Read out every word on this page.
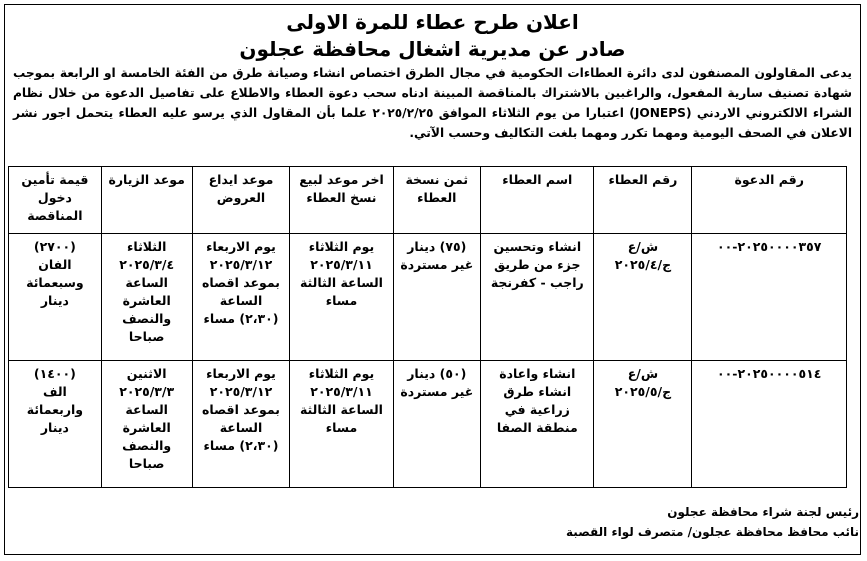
اعلان طرح عطاء للمرة الاولى
صادر عن مديرية اشغال محافظة عجلون

يدعى المقاولون المصنفون لدى دائرة العطاءات الحكومية في مجال الطرق اختصاص انشاء وصيانة طرق من الفئة الخامسة او الرابعة بموجب شهادة تصنيف سارية المفعول، والراغبين بالاشتراك بالمناقصة المبينة ادناه سحب دعوة العطاء والاطلاع على تفاصيل الدعوة من خلال نظام الشراء الالكتروني الاردني (JONEPS) اعتبارا من يوم الثلاثاء الموافق ٢٠٢٥/٢/٢٥ علما بأن المقاول الذي يرسو عليه العطاء يتحمل اجور نشر الاعلان في الصحف اليومية ومهما تكرر ومهما بلغت التكاليف وحسب الآتي.

رقم الدعوة	رقم العطاء	اسم العطاء	ثمن نسخة العطاء	اخر موعد لبيع نسخ العطاء	موعد ايداع العروض	موعد الزيارة	قيمة تأمين دخول المناقصة
٢٠٢٥٠٠٠٠٣٥٧-٠٠	ش/ع
ج/٢٠٢٥/٤	انشاء وتحسين جزء من طريق راجب - كفرنجة	(٧٥) دينار غير مستردة	يوم الثلاثاء
٢٠٢٥/٣/١١
الساعة الثالثة مساء	يوم الاربعاء
٢٠٢٥/٣/١٢
بموعد اقصاه الساعة
(٢،٣٠) مساء	الثلاثاء
٢٠٢٥/٣/٤
الساعة العاشرة والنصف صباحا	(٢٧٠٠)
الفان وسبعمائة دينار
٢٠٢٥٠٠٠٠٥١٤-٠٠	ش/ع
ج/٢٠٢٥/٥	انشاء واعادة انشاء طرق زراعية في منطقة الصفا	(٥٠) دينار غير مستردة	يوم الثلاثاء
٢٠٢٥/٣/١١
الساعة الثالثة مساء	يوم الاربعاء
٢٠٢٥/٣/١٢
بموعد اقصاه الساعة
(٢،٣٠) مساء	الاثنين
٢٠٢٥/٣/٣
الساعة العاشرة والنصف صباحا	(١٤٠٠)
الف واربعمائة دينار
رئيس لجنة شراء محافظة عجلون
نائب محافظ محافظة عجلون/ متصرف لواء القصبة
